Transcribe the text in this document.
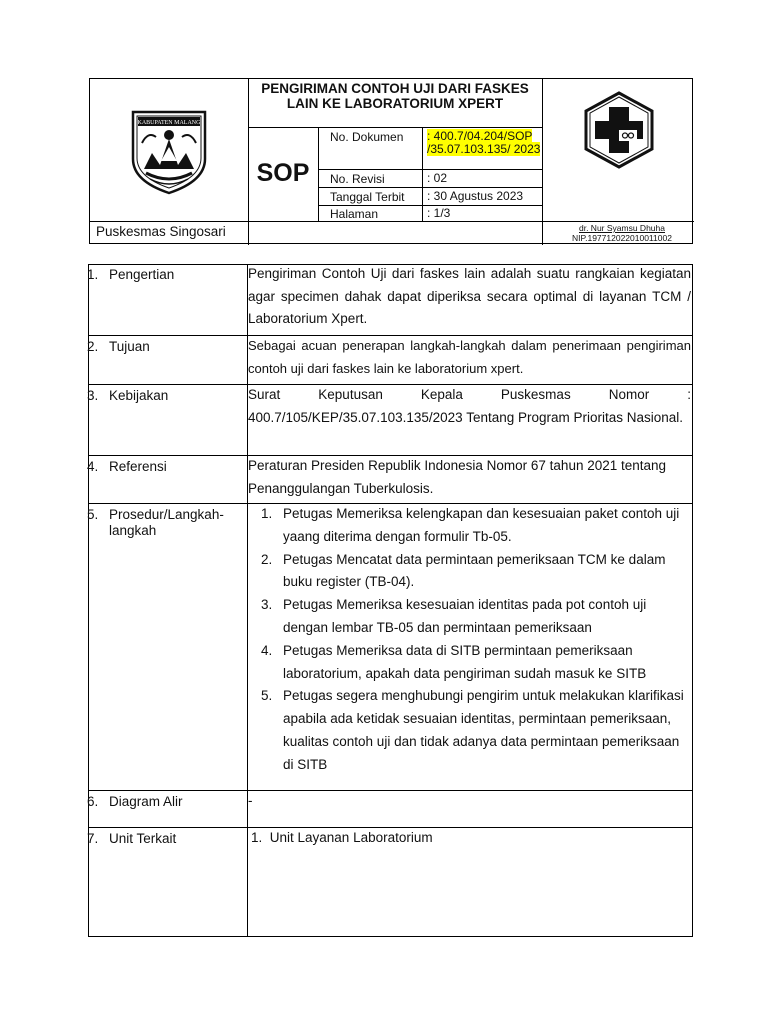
KABUPATEN MALANG
PENGIRIMAN CONTOH UJI DARI FASKES LAIN KE LABORATORIUM XPERT
SOP
No. Dokumen : 400.7/04.204/SOP /35.07.103.135/ 2023
No. Revisi	: 02
Tanggal Terbit : 30 Agustus 2023
Halaman	: 1/3
Puskesmas Singosari	dr. Nur Syamsu Dhuha
NIP.197712022010011002
1. Pengertian	Pengiriman Contoh Uji dari faskes lain adalah suatu rangkaian kegiatan agar specimen dahak dapat diperiksa secara optimal di layanan TCM / Laboratorium Xpert.
2. Tujuan	Sebagai acuan penerapan langkah-langkah dalam penerimaan pengiriman contoh uji dari faskes lain ke laboratorium xpert.
3. Kebijakan	Surat Keputusan Kepala Puskesmas Nomor : 400.7/105/KEP/35.07.103.135/2023 Tentang Program Prioritas Nasional.
4. Referensi	Peraturan Presiden Republik Indonesia Nomor 67 tahun 2021 tentang Penanggulangan Tuberkulosis.
5. Prosedur/Langkah-langkah
1. Petugas Memeriksa kelengkapan dan kesesuaian paket contoh uji yaang diterima dengan formulir Tb-05.
2. Petugas Mencatat data permintaan pemeriksaan TCM ke dalam buku register (TB-04).
3. Petugas Memeriksa kesesuaian identitas pada pot contoh uji dengan lembar TB-05 dan permintaan pemeriksaan
4. Petugas Memeriksa data di SITB permintaan pemeriksaan laboratorium, apakah data pengiriman sudah masuk ke SITB
5. Petugas segera menghubungi pengirim untuk melakukan klarifikasi apabila ada ketidak sesuaian identitas, permintaan pemeriksaan, kualitas contoh uji dan tidak adanya data permintaan pemeriksaan di SITB
6. Diagram Alir	-
7. Unit Terkait	1.  Unit Layanan Laboratorium
